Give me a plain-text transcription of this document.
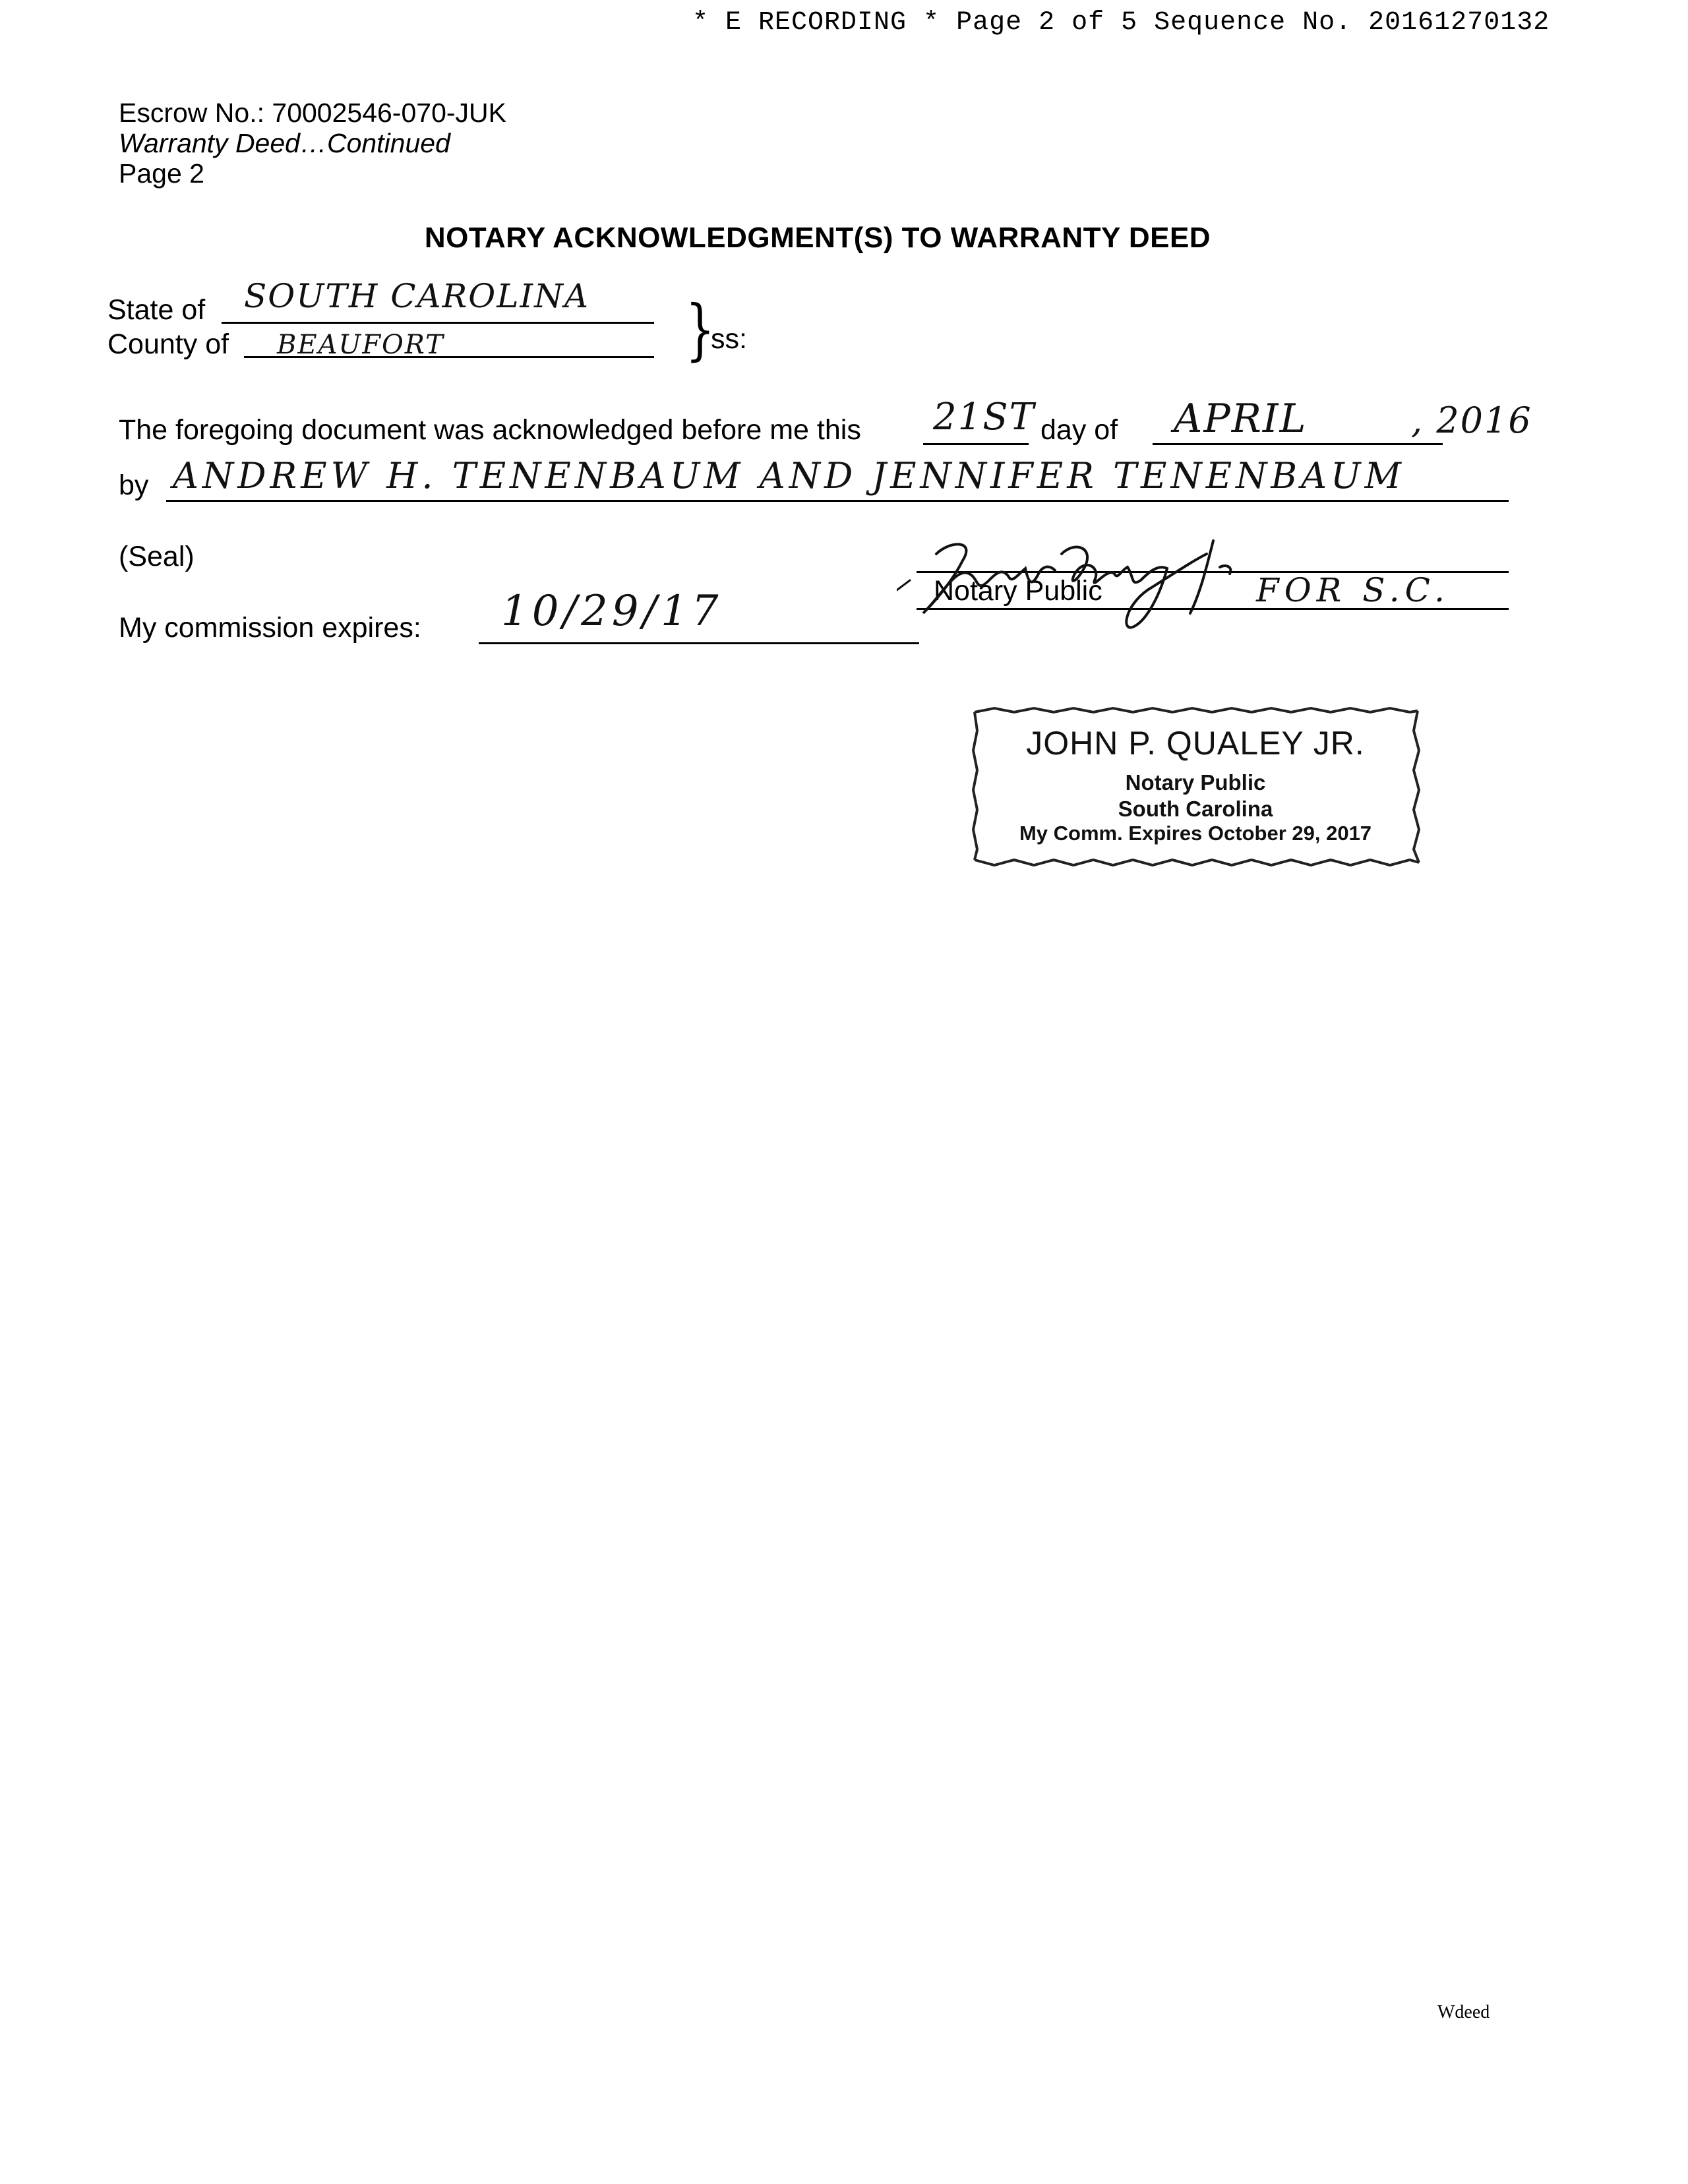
* E RECORDING * Page 2 of 5 Sequence No. 20161270132
Escrow No.: 70002546-070-JUK
Warranty Deed…Continued
Page 2
NOTARY ACKNOWLEDGMENT(S) TO WARRANTY DEED
State of SOUTH CAROLINA
County of BEAUFORT	}
ss:
The foregoing document was acknowledged before me this 21ST day of APRIL	, 2016
by ANDREW H. TENENBAUM AND JENNIFER TENENBAUM
(Seal)
Notary Public	FOR S.C.
My commission expires: 10/29/17
JOHN P. QUALEY JR.
Notary Public
South Carolina
My Comm. Expires October 29, 2017
Wdeed
